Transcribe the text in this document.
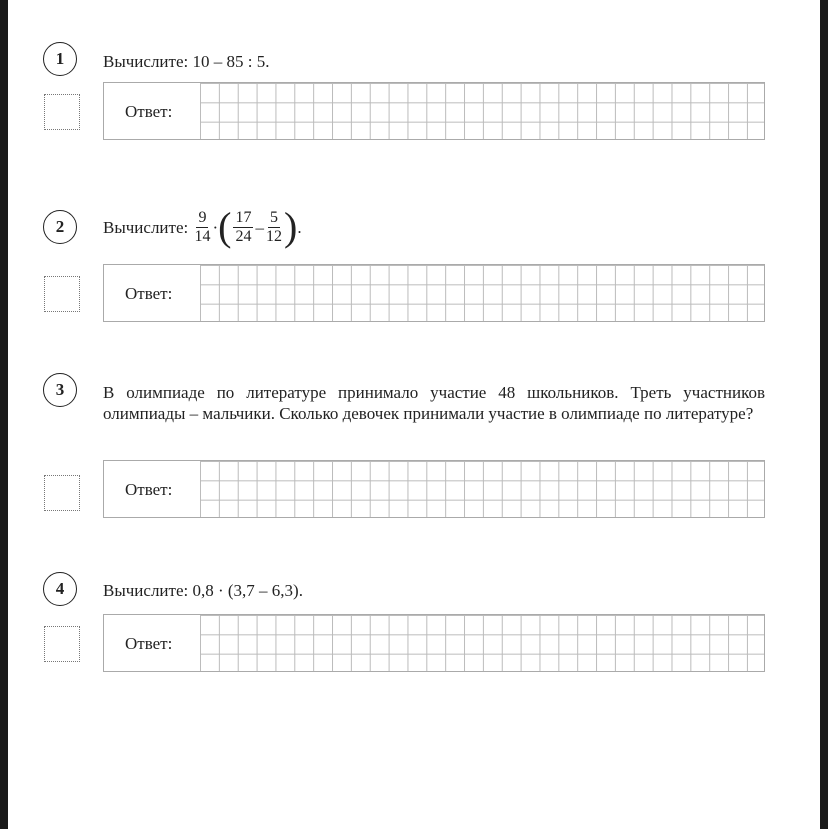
1	Вычислите: 10 – 85 : 5.
Ответ:
2	Вычислите:
$\frac{9}{14}$ · ( $\frac{17}{24} - \frac{5}{12}$ ) .
Ответ:
3	В олимпиаде по литературе принимало участие 48 школьников. Треть участников олимпиады – мальчики. Сколько девочек принимали участие в олимпиаде по литературе?
Ответ:
4	Вычислите: 0,8 · (3,7 – 6,3).
Ответ:
